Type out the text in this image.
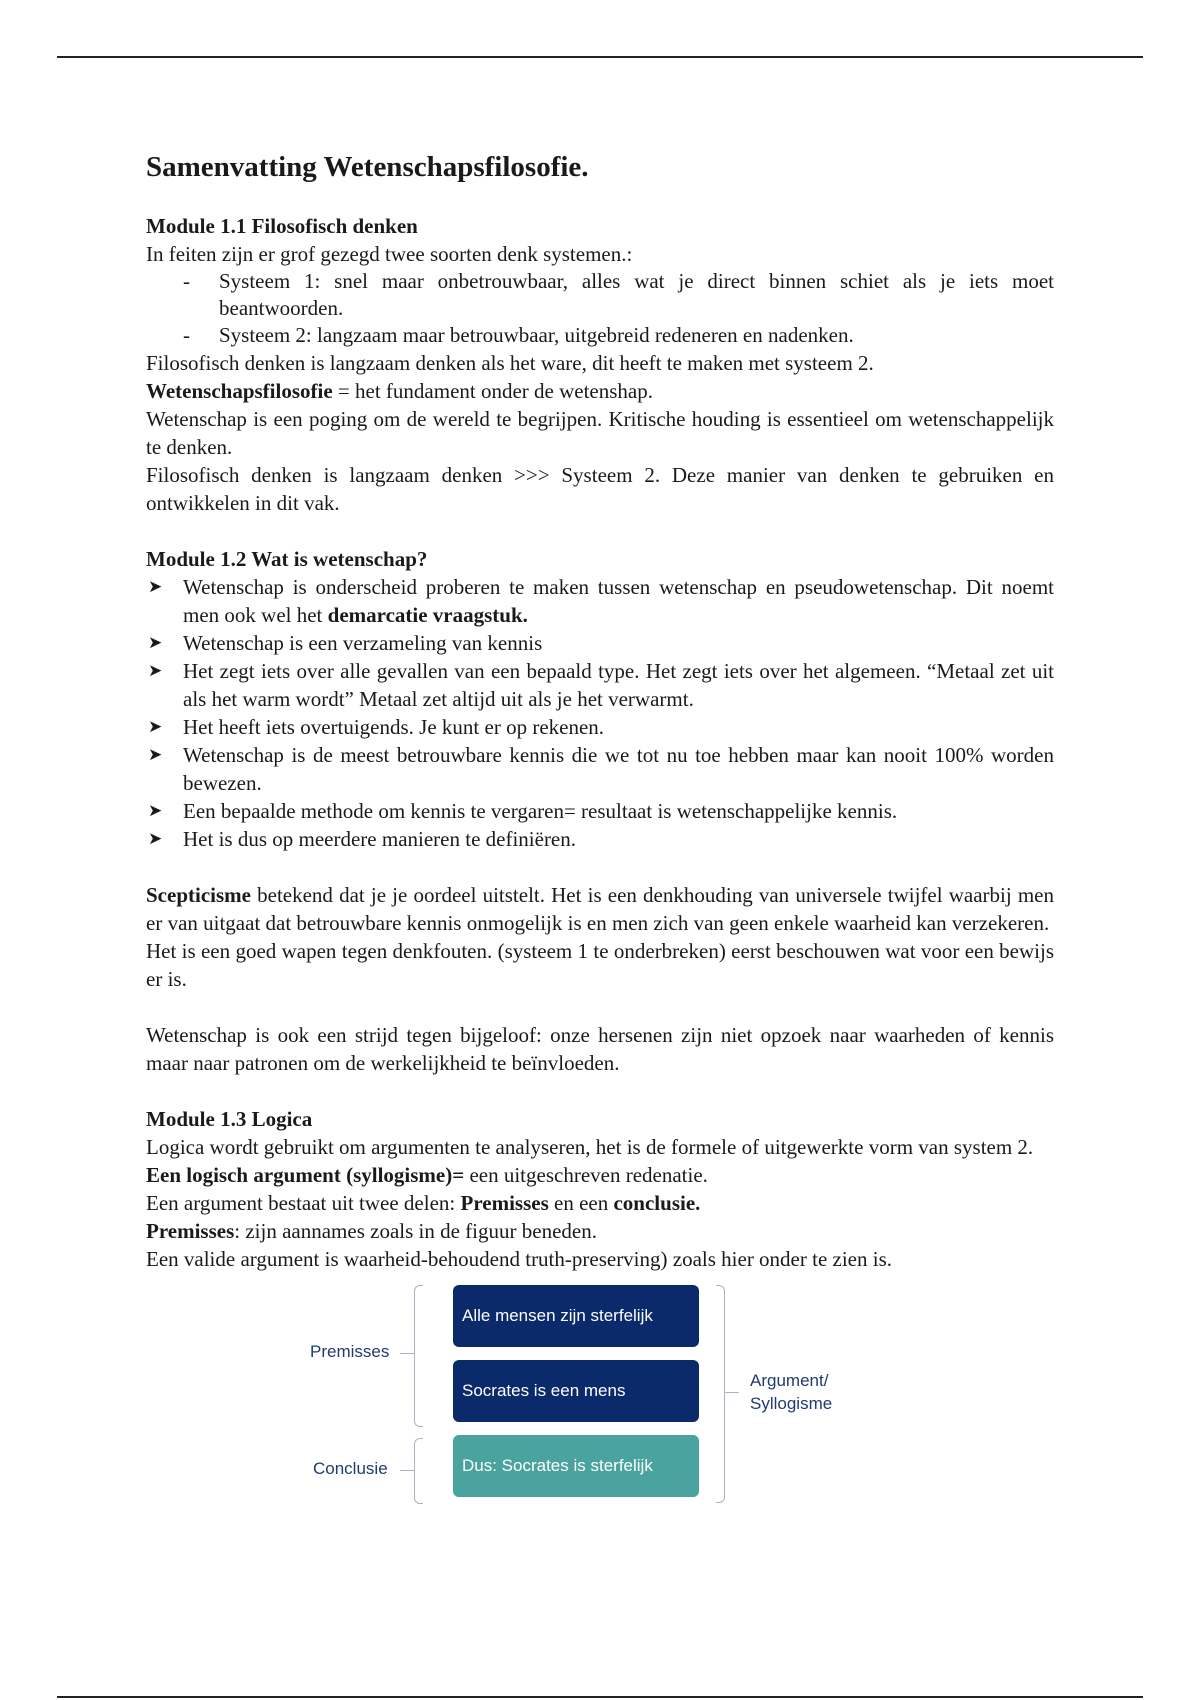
Samenvatting Wetenschapsfilosofie.
Module 1.1 Filosofisch denken

In feiten zijn er grof gezegd twee soorten denk systemen.:

- Systeem 1: snel maar onbetrouwbaar, alles wat je direct binnen schiet als je iets moet beantwoorden.
- Systeem 2: langzaam maar betrouwbaar, uitgebreid redeneren en nadenken.

Filosofisch denken is langzaam denken als het ware, dit heeft te maken met systeem 2.

Wetenschapsfilosofie = het fundament onder de wetenshap.

Wetenschap is een poging om de wereld te begrijpen. Kritische houding is essentieel om wetenschappelijk te denken.

Filosofisch denken is langzaam denken >>> Systeem 2. Deze manier van denken te gebruiken en ontwikkelen in dit vak.

Module 1.2 Wat is wetenschap?
➤ Wetenschap is onderscheid proberen te maken tussen wetenschap en pseudowetenschap. Dit noemt men ook wel het demarcatie vraagstuk.
➤ Wetenschap is een verzameling van kennis
➤ Het zegt iets over alle gevallen van een bepaald type. Het zegt iets over het algemeen. “Metaal zet uit als het warm wordt” Metaal zet altijd uit als je het verwarmt.
➤ Het heeft iets overtuigends. Je kunt er op rekenen.
➤ Wetenschap is de meest betrouwbare kennis die we tot nu toe hebben maar kan nooit 100% worden bewezen.
➤ Een bepaalde methode om kennis te vergaren= resultaat is wetenschappelijke kennis.
➤ Het is dus op meerdere manieren te definiëren.

Scepticisme betekend dat je je oordeel uitstelt. Het is een denkhouding van universele twijfel waarbij men er van uitgaat dat betrouwbare kennis onmogelijk is en men zich van geen enkele waarheid kan verzekeren.

Het is een goed wapen tegen denkfouten. (systeem 1 te onderbreken) eerst beschouwen wat voor een bewijs er is.

Wetenschap is ook een strijd tegen bijgeloof: onze hersenen zijn niet opzoek naar waarheden of kennis maar naar patronen om de werkelijkheid te beïnvloeden.

Module 1.3 Logica

Logica wordt gebruikt om argumenten te analyseren, het is de formele of uitgewerkte vorm van system 2.

Een logisch argument (syllogisme)= een uitgeschreven redenatie.

Een argument bestaat uit twee delen: Premisses en een conclusie.

Premisses: zijn aannames zoals in de figuur beneden.

Een valide argument is waarheid-behoudend truth-preserving) zoals hier onder te zien is.

Premisses
Conclusie
Alle mensen zijn sterfelijk
Socrates is een mens
Dus: Socrates is sterfelijk
Argument/
Syllogisme
